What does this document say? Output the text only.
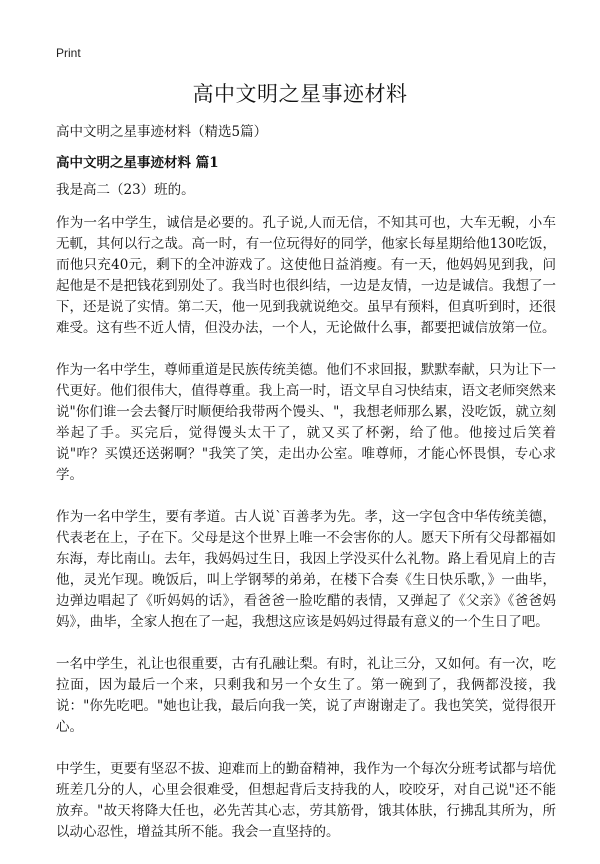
Print
高中文明之星事迹材料
高中文明之星事迹材料（精选5篇）
高中文明之星事迹材料 篇1

我是高二（23）班的。

作为一名中学生，诚信是必要的。孔子说,人而无信，不知其可也，大车无輗，小车无軏，其何以行之哉。高一时，有一位玩得好的同学，他家长每星期给他130吃饭，而他只充40元，剩下的全冲游戏了。这使他日益消瘦。有一天，他妈妈见到我，问起他是不是把钱花到别处了。我当时也很纠结，一边是友情，一边是诚信。我想了一下，还是说了实情。第二天，他一见到我就说绝交。虽早有预料，但真听到时，还很难受。这有些不近人情，但没办法，一个人，无论做什么事，都要把诚信放第一位。

作为一名中学生，尊师重道是民族传统美德。他们不求回报，默默奉献，只为让下一代更好。他们很伟大，值得尊重。我上高一时，语文早自习快结束，语文老师突然来说"你们谁一会去餐厅时顺便给我带两个馒头、"，我想老师那么累，没吃饭，就立刻举起了手。买完后，觉得馒头太干了，就又买了杯粥，给了他。他接过后笑着说"咋？买馍还送粥啊？"我笑了笑，走出办公室。唯尊师，才能心怀畏惧，专心求学。

作为一名中学生，要有孝道。古人说`百善孝为先。孝，这一字包含中华传统美德，代表老在上，子在下。父母是这个世界上唯一不会害你的人。愿天下所有父母都福如东海，寿比南山。去年，我妈妈过生日，我因上学没买什么礼物。路上看见肩上的吉他，灵光乍现。晚饭后，叫上学钢琴的弟弟，在楼下合奏《生日快乐歌，》一曲毕，边弹边唱起了《听妈妈的话》，看爸爸一脸吃醋的表情，又弹起了《父亲》《爸爸妈妈》，曲毕，全家人抱在了一起，我想这应该是妈妈过得最有意义的一个生日了吧。

一名中学生，礼让也很重要，古有孔融让梨。有时，礼让三分，又如何。有一次，吃拉面，因为最后一个来，只剩我和另一个女生了。第一碗到了，我俩都没接，我说："你先吃吧。"她也让我，最后向我一笑，说了声谢谢走了。我也笑笑，觉得很开心。

中学生，更要有坚忍不拔、迎难而上的勤奋精神，我作为一个每次分班考试都与培优班差几分的人，心里会很难受，但想起背后支持我的人，咬咬牙，对自己说"还不能放弃。"故天将降大任也，必先苦其心志，劳其筋骨，饿其体肤，行拂乱其所为，所以动心忍性，增益其所不能。我会一直坚持的。
